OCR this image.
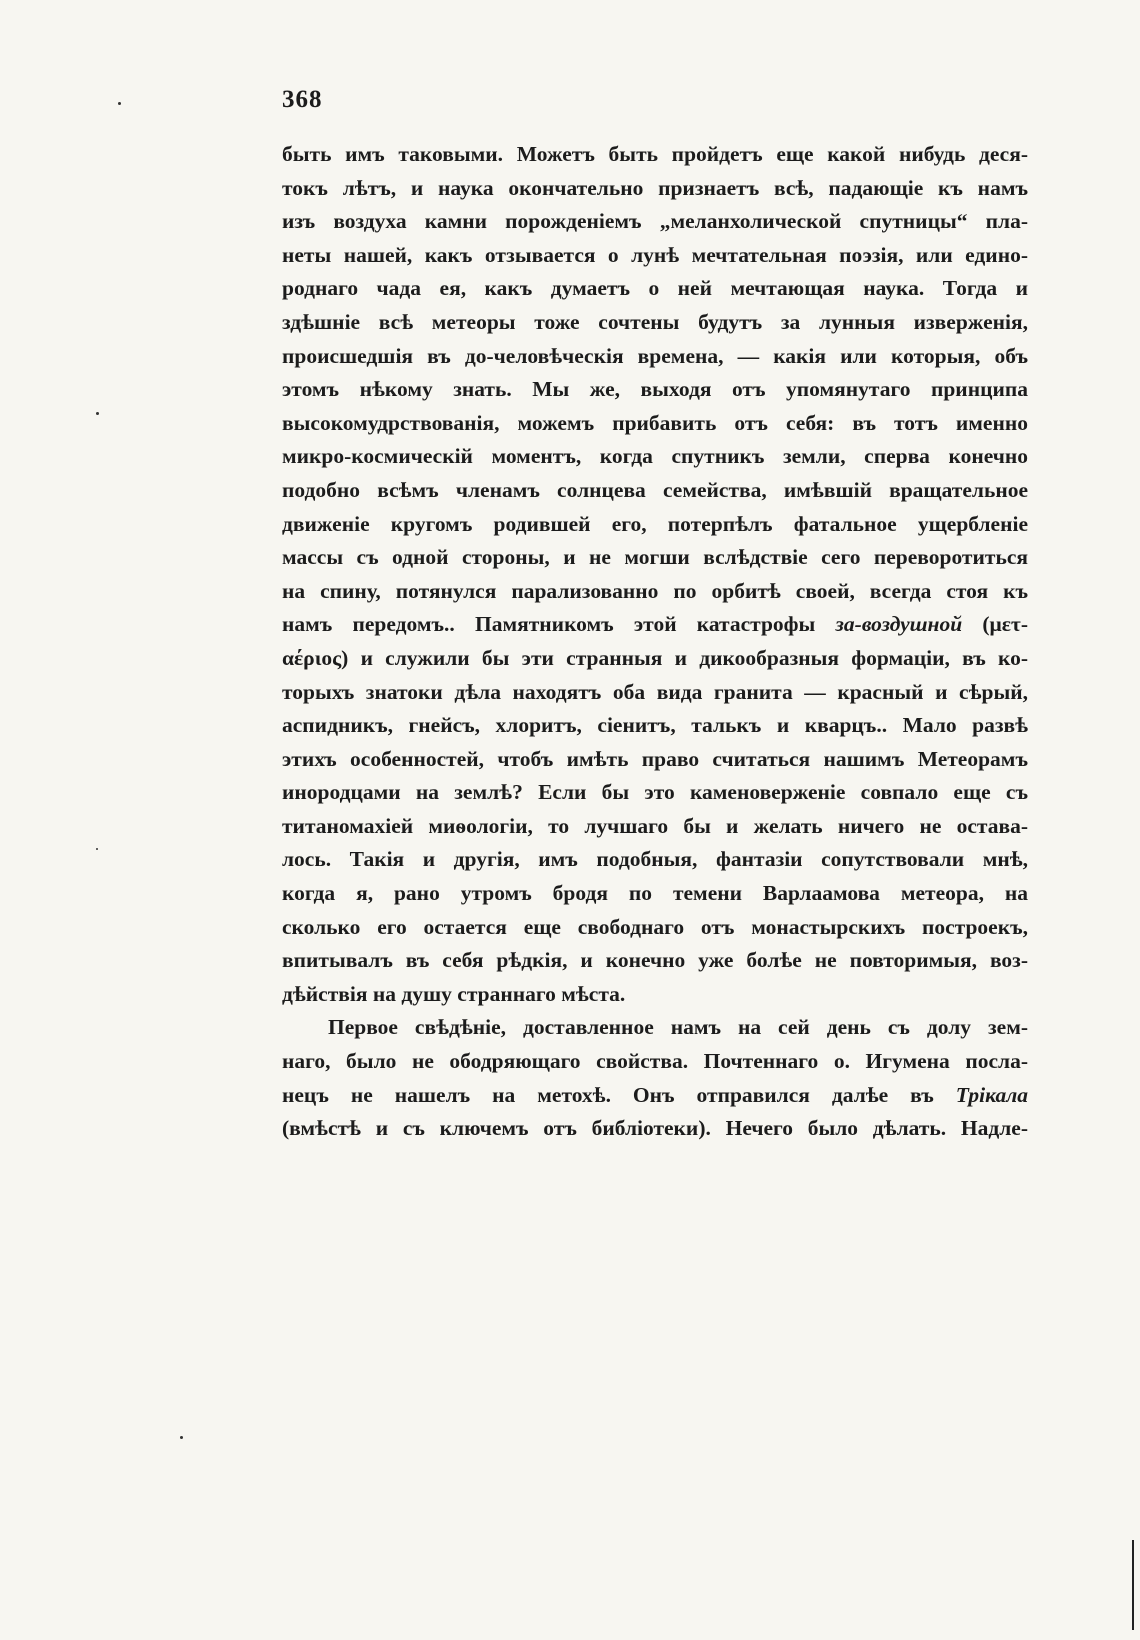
368
быть имъ таковыми. Можетъ быть пройдетъ еще какой нибудь деся-
токъ лѣтъ, и наука окончательно признаетъ всѣ, падающіе къ намъ
изъ воздуха камни порожденіемъ „меланхолической спутницы“ пла-
неты нашей, какъ отзывается о лунѣ мечтательная поэзія, или едино-
роднаго чада ея, какъ думаетъ о ней мечтающая наука. Тогда и
здѣшніе всѣ метеоры тоже сочтены будутъ за лунныя изверженія,
происшедшія въ до-человѣческія времена, — какія или которыя, объ
этомъ нѣкому знать. Мы же, выходя отъ упомянутаго принципа
высокомудрствованія, можемъ прибавить отъ себя: въ тотъ именно
микро-космическій моментъ, когда спутникъ земли, сперва конечно
подобно всѣмъ членамъ солнцева семейства, имѣвшій вращательное
движеніе кругомъ родившей его, потерпѣлъ фатальное ущербленіе
массы съ одной стороны, и не могши вслѣдствіе сего перевоpотиться
на спину, потянулся парализованно по орбитѣ своей, всегда стоя къ
намъ передомъ.. Памятникомъ этой катастрофы за-воздушной (μετ-
αέριος) и служили бы эти странныя и дикообразныя формаціи, въ ко-
торыхъ знатоки дѣла находятъ оба вида гранита — красный и сѣрый,
аспидникъ, гнейсъ, хлоритъ, сіенитъ, талькъ и кварцъ.. Мало развѣ
этихъ особенностей, чтобъ имѣть право считаться нашимъ Метеорамъ
инородцами на землѣ? Если бы это каменоверженіе совпало еще съ
титаномахіей миѳологіи, то лучшаго бы и желать ничего не остава-
лось. Такія и другія, имъ подобныя, фантазіи сопутствовали мнѣ,
когда я, рано утромъ бродя по темени Варлаамова метеора, на
сколько его остается еще свободнаго отъ монастырскихъ построекъ,
впитывалъ въ себя рѣдкія, и конечно уже болѣе не повторимыя, воз-
дѣйствія на душу страннаго мѣста.
Первое свѣдѣніе, доставленное намъ на сей день съ долу зем-
наго, было не ободряющаго свойства. Почтеннаго о. Игумена посла-
нецъ не нашелъ на метохѣ. Онъ отправился далѣе въ Трікала
(вмѣстѣ и съ ключемъ отъ библіотеки). Нечего было дѣлать. Надле-
